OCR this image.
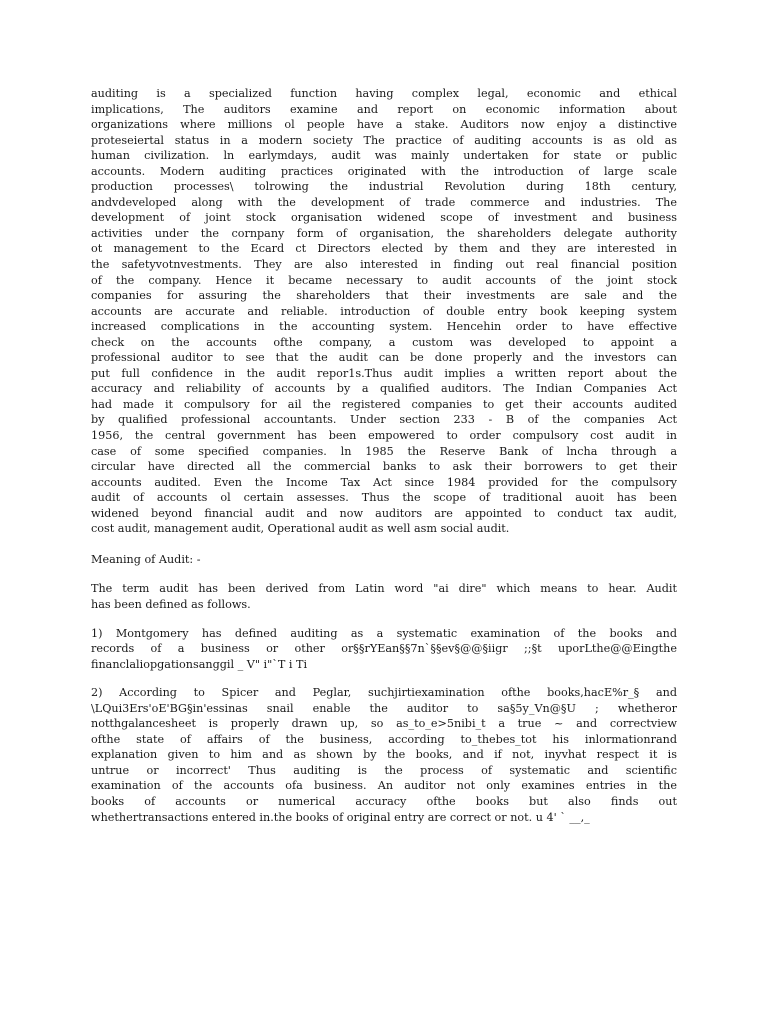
auditing is a specialized function having complex legal, economic and ethical
implications, The auditors examine and report on economic information about
organizations where millions ol people have a stake. Auditors now enjoy a distinctive
proteseiertal status in a modern society The practice of auditing accounts is as old as
human civilization. ln earlymdays, audit was mainly undertaken for state or public
accounts. Modern auditing practices originated with the introduction of large scale
production processes\ tolrowing the industrial Revolution during 18th century,
andvdeveloped along with the development of trade commerce and industries. The
development of joint stock organisation widened scope of investment and business
activities under the cornpany form of organisation, the shareholders delegate authority
ot management to the Ecard ct Directors elected by them and they are interested in
the safetyvotnvestments. They are also interested in finding out real financial position
of the company. Hence it became necessary to audit accounts of the joint stock
companies for assuring the shareholders that their investments are sale and the
accounts are accurate and reliable. introduction of double entry book keeping system
increased complications in the accounting system. Hencehin order to have effective
check on the accounts ofthe company, a custom was developed to appoint a
professional auditor to see that the audit can be done properly and the investors can
put full confidence in the audit repor1s.Thus audit implies a written report about the
accuracy and reliability of accounts by a qualified auditors. The Indian Companies Act
had made it compulsory for ail the registered companies to get their accounts audited
by qualified professional accountants. Under section 233 - B of the companies Act
1956, the central government has been empowered to order compulsory cost audit in
case of some specified companies. ln 1985 the Reserve Bank of lncha through a
circular have directed all the commercial banks to ask their borrowers to get their
accounts audited. Even the Income Tax Act since 1984 provided for the compulsory
audit of accounts ol certain assesses. Thus the scope of traditional auoit has been
widened beyond financial audit and now auditors are appointed to conduct tax audit,
cost audit, management audit, Operational audit as well asm social audit.

Meaning of Audit: -

The term audit has been derived from Latin word "ai dire" which means to hear. Audit
has been defined as follows.

1) Montgomery has defined auditing as a systematic examination of the books and
records of a business or other or§§rYEan§§7n`§§ev§@@§iigr ;;§t uporLthe@@Eingthe
financlaliopgationsanggil _ V" i"`T i Ti

2) According to Spicer and Peglar, suchjirtiexamination ofthe books,hacE%r_§ and
\LQui3Ers'oE'BG§in'essinas snail enable the auditor to sa§5y_Vn@§U ; whetheror
notthgalancesheet is properly drawn up, so as_to_e>5nibi_t a true ~ and correctview
ofthe state of affairs of the business, according to_thebes_tot his inlormationrand
explanation given to him and as shown by the books, and if not, inyvhat respect it is
untrue or incorrect' Thus auditing is the process of systematic and scientific
examination of the accounts ofa business. An auditor not only examines entries in the
books of accounts or numerical accuracy ofthe books but also finds out
whethertransactions entered in.the books of original entry are correct or not. u 4' ` __,_
